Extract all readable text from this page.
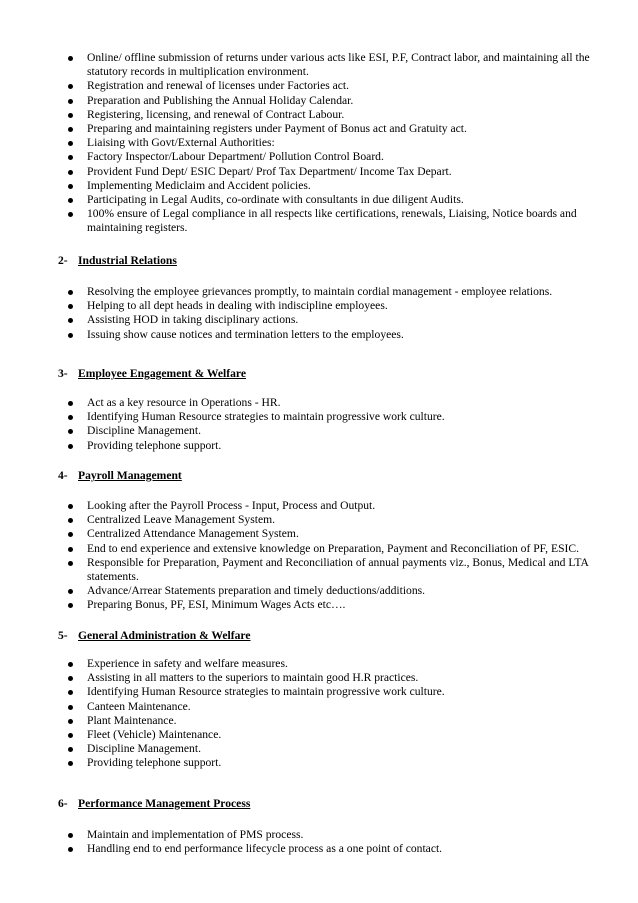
Online/ offline submission of returns under various acts like ESI, P.F, Contract labor, and maintaining all the statutory records in multiplication environment.
Registration and renewal of licenses under Factories act.
Preparation and Publishing the Annual Holiday Calendar.
Registering, licensing, and renewal of Contract Labour.
Preparing and maintaining registers under Payment of Bonus act and Gratuity act.
Liaising with Govt/External Authorities:
Factory Inspector/Labour Department/ Pollution Control Board.
Provident Fund Dept/ ESIC Depart/ Prof Tax Department/ Income Tax Depart.
Implementing Mediclaim and Accident policies.
Participating in Legal Audits, co-ordinate with consultants in due diligent Audits.
100% ensure of Legal compliance in all respects like certifications, renewals, Liaising, Notice boards and maintaining registers.
2- Industrial Relations
Resolving the employee grievances promptly, to maintain cordial management - employee relations.
Helping to all dept heads in dealing with indiscipline employees.
Assisting HOD in taking disciplinary actions.
Issuing show cause notices and termination letters to the employees.
3- Employee Engagement & Welfare
Act as a key resource in Operations - HR.
Identifying Human Resource strategies to maintain progressive work culture.
Discipline Management.
Providing telephone support.
4- Payroll Management
Looking after the Payroll Process - Input, Process and Output.
Centralized Leave Management System.
Centralized Attendance Management System.
End to end experience and extensive knowledge on Preparation, Payment and Reconciliation of PF, ESIC.
Responsible for Preparation, Payment and Reconciliation of annual payments viz., Bonus, Medical and LTA statements.
Advance/Arrear Statements preparation and timely deductions/additions.
Preparing Bonus, PF, ESI, Minimum Wages Acts etc….
5- General Administration & Welfare
Experience in safety and welfare measures.
Assisting in all matters to the superiors to maintain good H.R practices.
Identifying Human Resource strategies to maintain progressive work culture.
Canteen Maintenance.
Plant Maintenance.
Fleet (Vehicle) Maintenance.
Discipline Management.
Providing telephone support.
6- Performance Management Process
Maintain and implementation of PMS process.
Handling end to end performance lifecycle process as a one point of contact.
